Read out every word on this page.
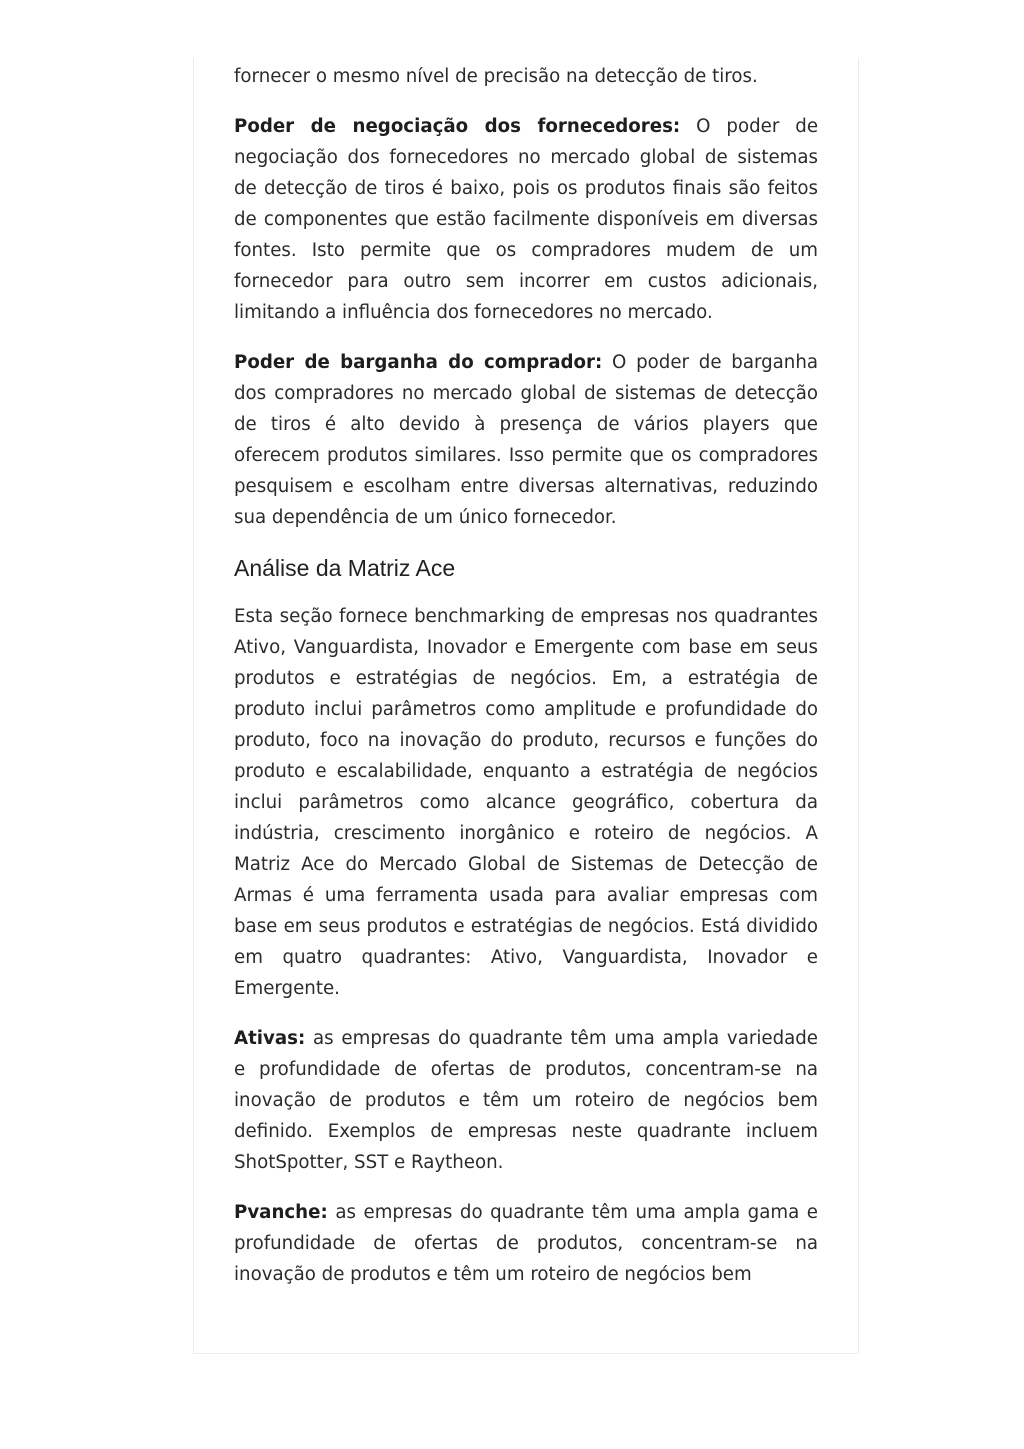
fornecer o mesmo nível de precisão na detecção de tiros.

Poder de negociação dos fornecedores: O poder de negociação dos fornecedores no mercado global de sistemas de detecção de tiros é baixo, pois os produtos finais são feitos de componentes que estão facilmente disponíveis em diversas fontes. Isto permite que os compradores mudem de um fornecedor para outro sem incorrer em custos adicionais, limitando a influência dos fornecedores no mercado.

Poder de barganha do comprador: O poder de barganha dos compradores no mercado global de sistemas de detecção de tiros é alto devido à presença de vários players que oferecem produtos similares. Isso permite que os compradores pesquisem e escolham entre diversas alternativas, reduzindo sua dependência de um único fornecedor.

Análise da Matriz Ace

Esta seção fornece benchmarking de empresas nos quadrantes Ativo, Vanguardista, Inovador e Emergente com base em seus produtos e estratégias de negócios. Em, a estratégia de produto inclui parâmetros como amplitude e profundidade do produto, foco na inovação do produto, recursos e funções do produto e escalabilidade, enquanto a estratégia de negócios inclui parâmetros como alcance geográfico, cobertura da indústria, crescimento inorgânico e roteiro de negócios. A Matriz Ace do Mercado Global de Sistemas de Detecção de Armas é uma ferramenta usada para avaliar empresas com base em seus produtos e estratégias de negócios. Está dividido em quatro quadrantes: Ativo, Vanguardista, Inovador e Emergente.

Ativas: as empresas do quadrante têm uma ampla variedade e profundidade de ofertas de produtos, concentram-se na inovação de produtos e têm um roteiro de negócios bem definido. Exemplos de empresas neste quadrante incluem ShotSpotter, SST e Raytheon.

Pvanche: as empresas do quadrante têm uma ampla gama e profundidade de ofertas de produtos, concentram-se na inovação de produtos e têm um roteiro de negócios bem
